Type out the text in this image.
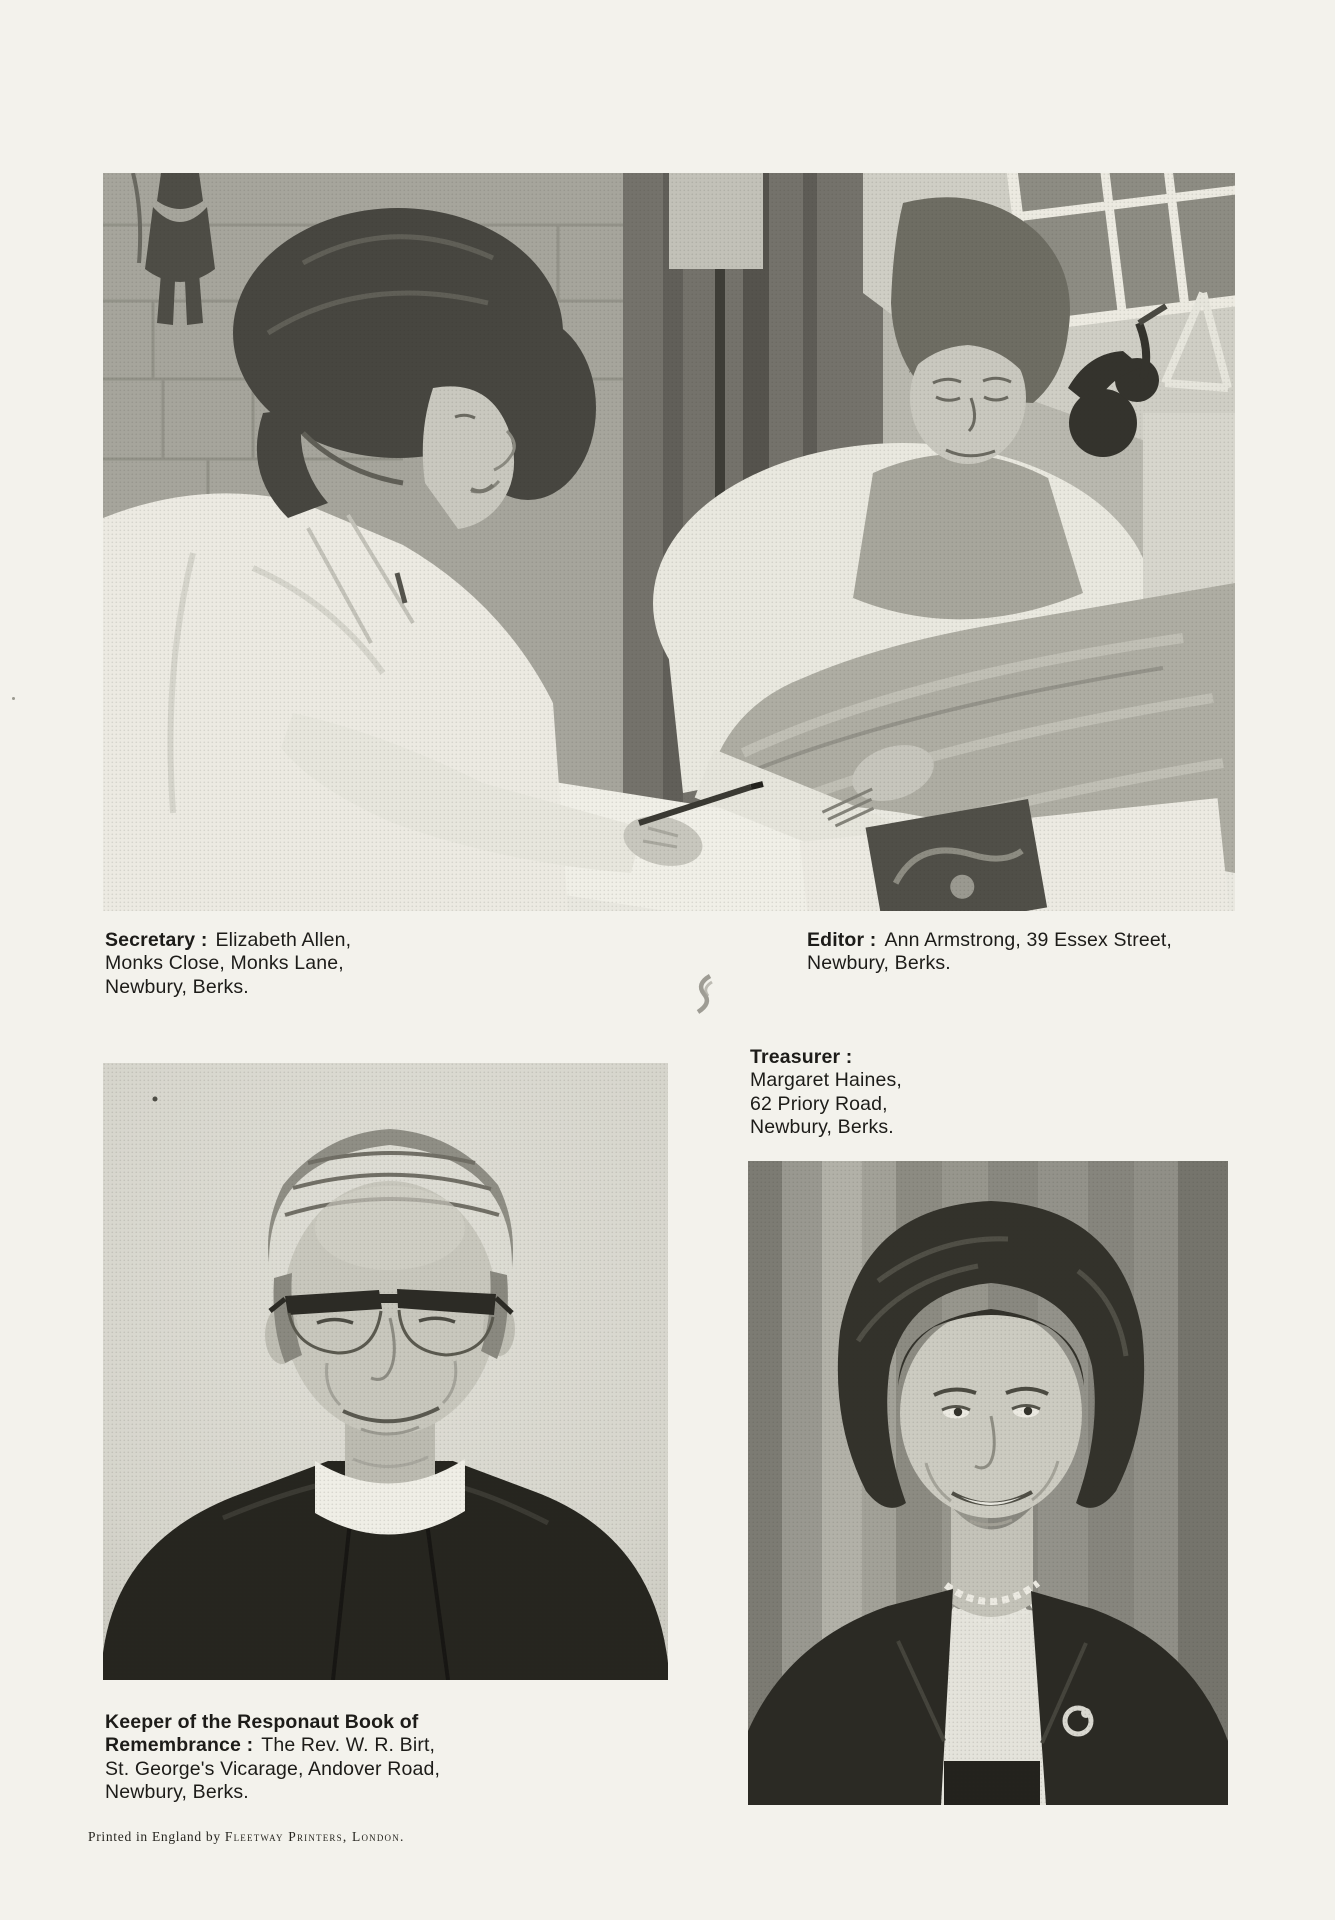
Secretary : Elizabeth Allen,

Monks Close, Monks Lane,

Newbury, Berks.

Editor : Ann Armstrong, 39 Essex Street,

Newbury, Berks.

Treasurer :

Margaret Haines,

62 Priory Road,

Newbury, Berks.

Keeper of the Responaut Book of

Remembrance : The Rev. W. R. Birt,

St. George's Vicarage, Andover Road,

Newbury, Berks.

Printed in England by Fleetway Printers, London.
